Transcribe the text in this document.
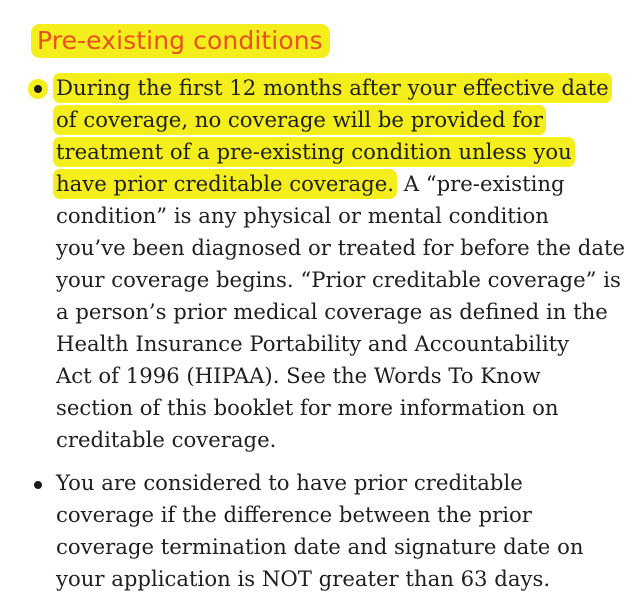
Pre-existing conditions
During the first 12 months after your effective date
of coverage, no coverage will be provided for
treatment of a pre-existing condition unless you
have prior creditable coverage. A “pre-existing
condition” is any physical or mental condition
you’ve been diagnosed or treated for before the date
your coverage begins. “Prior creditable coverage” is
a person’s prior medical coverage as defined in the
Health Insurance Portability and Accountability
Act of 1996 (HIPAA). See the Words To Know
section of this booklet for more information on
creditable coverage.
You are considered to have prior creditable
coverage if the difference between the prior
coverage termination date and signature date on
your application is NOT greater than 63 days.
